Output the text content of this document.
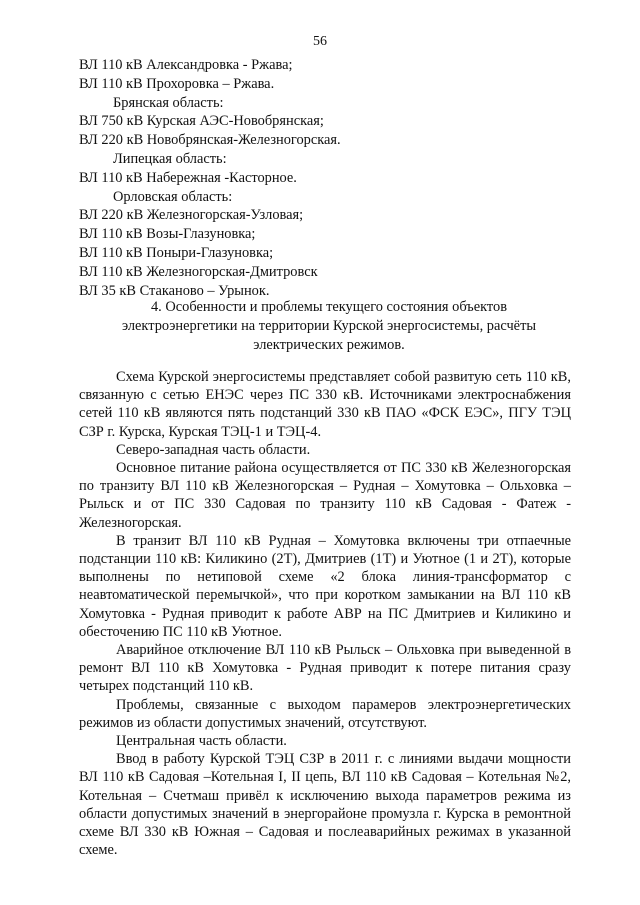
56
ВЛ 110 кВ Александровка - Ржава;
ВЛ 110 кВ Прохоровка – Ржава.
Брянская область:
ВЛ 750 кВ Курская АЭС-Новобрянская;
ВЛ 220 кВ Новобрянская-Железногорская.
Липецкая область:
ВЛ 110 кВ Набережная -Касторное.
Орловская область:
ВЛ 220 кВ Железногорская-Узловая;
ВЛ 110 кВ Возы-Глазуновка;
ВЛ 110 кВ Поныри-Глазуновка;
ВЛ 110 кВ Железногорская-Дмитровск
ВЛ 35 кВ Стаканово – Урынок.
4. Особенности и проблемы текущего состояния объектов
электроэнергетики на территории Курской энергосистемы, расчёты
электрических режимов.

Схема Курской энергосистемы представляет собой развитую сеть 110 кВ, связанную с сетью ЕНЭС через ПС 330 кВ. Источниками электроснабжения сетей 110 кВ являются пять подстанций 330 кВ ПАО «ФСК ЕЭС», ПГУ ТЭЦ СЗР г. Курска, Курская ТЭЦ-1 и ТЭЦ-4.

Северо-западная часть области.

Основное питание района осуществляется от ПС 330 кВ Железногорская по транзиту ВЛ 110 кВ Железногорская – Рудная – Хомутовка – Ольховка – Рыльск и от ПС 330 Садовая по транзиту 110 кВ Садовая - Фатеж - Железногорская.

В транзит ВЛ 110 кВ Рудная – Хомутовка включены три отпаечные подстанции 110 кВ: Киликино (2Т), Дмитриев (1Т) и Уютное (1 и 2Т), которые выполнены по нетиповой схеме «2 блока линия-трансформатор с неавтоматической перемычкой», что при коротком замыкании на ВЛ 110 кВ Хомутовка - Рудная приводит к работе АВР на ПС Дмитриев и Киликино и обесточению ПС 110 кВ Уютное.

Аварийное отключение ВЛ 110 кВ Рыльск – Ольховка при выведенной в ремонт ВЛ 110 кВ Хомутовка - Рудная приводит к потере питания сразу четырех подстанций 110 кВ.

Проблемы, связанные с выходом парамеров электроэнергетических режимов из области допустимых значений, отсутствуют.

Центральная часть области.

Ввод в работу Курской ТЭЦ СЗР в 2011 г. с линиями выдачи мощности ВЛ 110 кВ Садовая –Котельная I, II цепь, ВЛ 110 кВ Садовая – Котельная №2, Котельная – Счетмаш привёл к исключению выхода параметров режима из области допустимых значений в энергорайоне промузла г. Курска в ремонтной схеме ВЛ 330 кВ Южная – Садовая и послеаварийных режимах в указанной схеме.
